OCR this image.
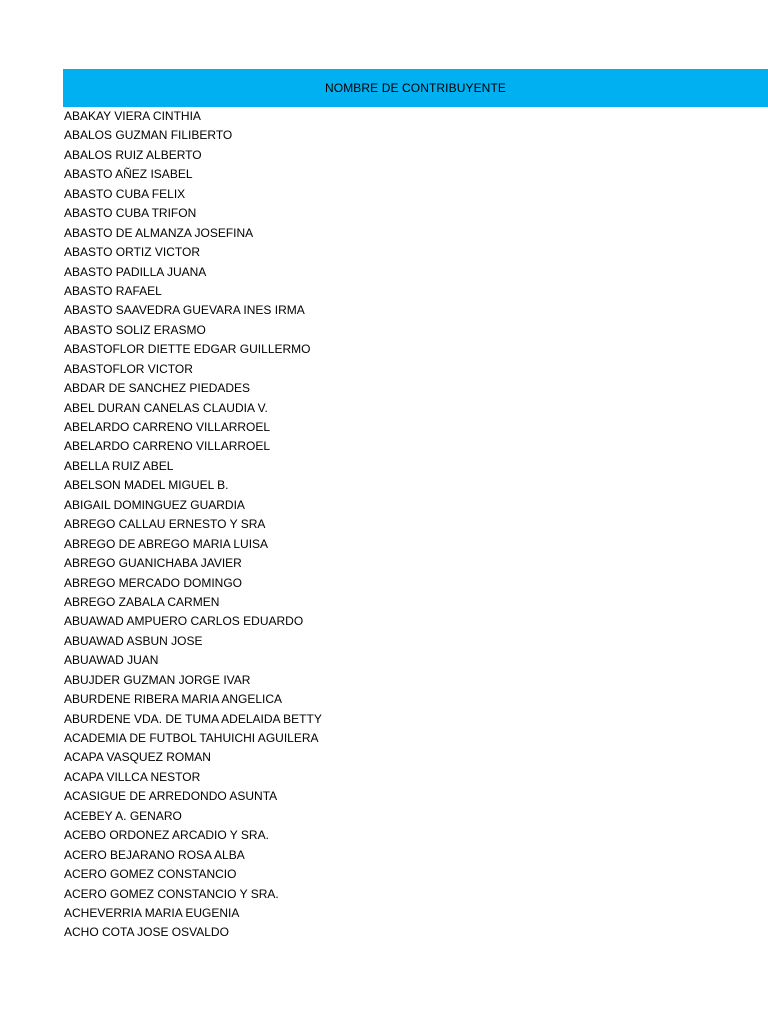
NOMBRE DE CONTRIBUYENTE
ABAKAY VIERA CINTHIA
ABALOS GUZMAN FILIBERTO
ABALOS RUIZ ALBERTO
ABASTO AÑEZ ISABEL
ABASTO CUBA FELIX
ABASTO CUBA TRIFON
ABASTO DE ALMANZA JOSEFINA
ABASTO ORTIZ VICTOR
ABASTO PADILLA JUANA
ABASTO RAFAEL
ABASTO SAAVEDRA GUEVARA INES IRMA
ABASTO SOLIZ ERASMO
ABASTOFLOR DIETTE EDGAR GUILLERMO
ABASTOFLOR VICTOR
ABDAR DE SANCHEZ PIEDADES
ABEL DURAN CANELAS CLAUDIA V.
ABELARDO CARRENO VILLARROEL
ABELARDO CARRENO VILLARROEL
ABELLA RUIZ ABEL
ABELSON MADEL MIGUEL B.
ABIGAIL DOMINGUEZ GUARDIA
ABREGO CALLAU ERNESTO Y SRA
ABREGO DE ABREGO MARIA LUISA
ABREGO GUANICHABA JAVIER
ABREGO MERCADO DOMINGO
ABREGO ZABALA CARMEN
ABUAWAD AMPUERO CARLOS EDUARDO
ABUAWAD ASBUN JOSE
ABUAWAD JUAN
ABUJDER GUZMAN JORGE IVAR
ABURDENE RIBERA MARIA ANGELICA
ABURDENE VDA. DE TUMA ADELAIDA BETTY
ACADEMIA DE FUTBOL TAHUICHI AGUILERA
ACAPA VASQUEZ ROMAN
ACAPA VILLCA NESTOR
ACASIGUE DE ARREDONDO ASUNTA
ACEBEY A. GENARO
ACEBO ORDONEZ ARCADIO Y SRA.
ACERO BEJARANO ROSA ALBA
ACERO GOMEZ CONSTANCIO
ACERO GOMEZ CONSTANCIO Y SRA.
ACHEVERRIA MARIA EUGENIA
ACHO COTA JOSE OSVALDO
